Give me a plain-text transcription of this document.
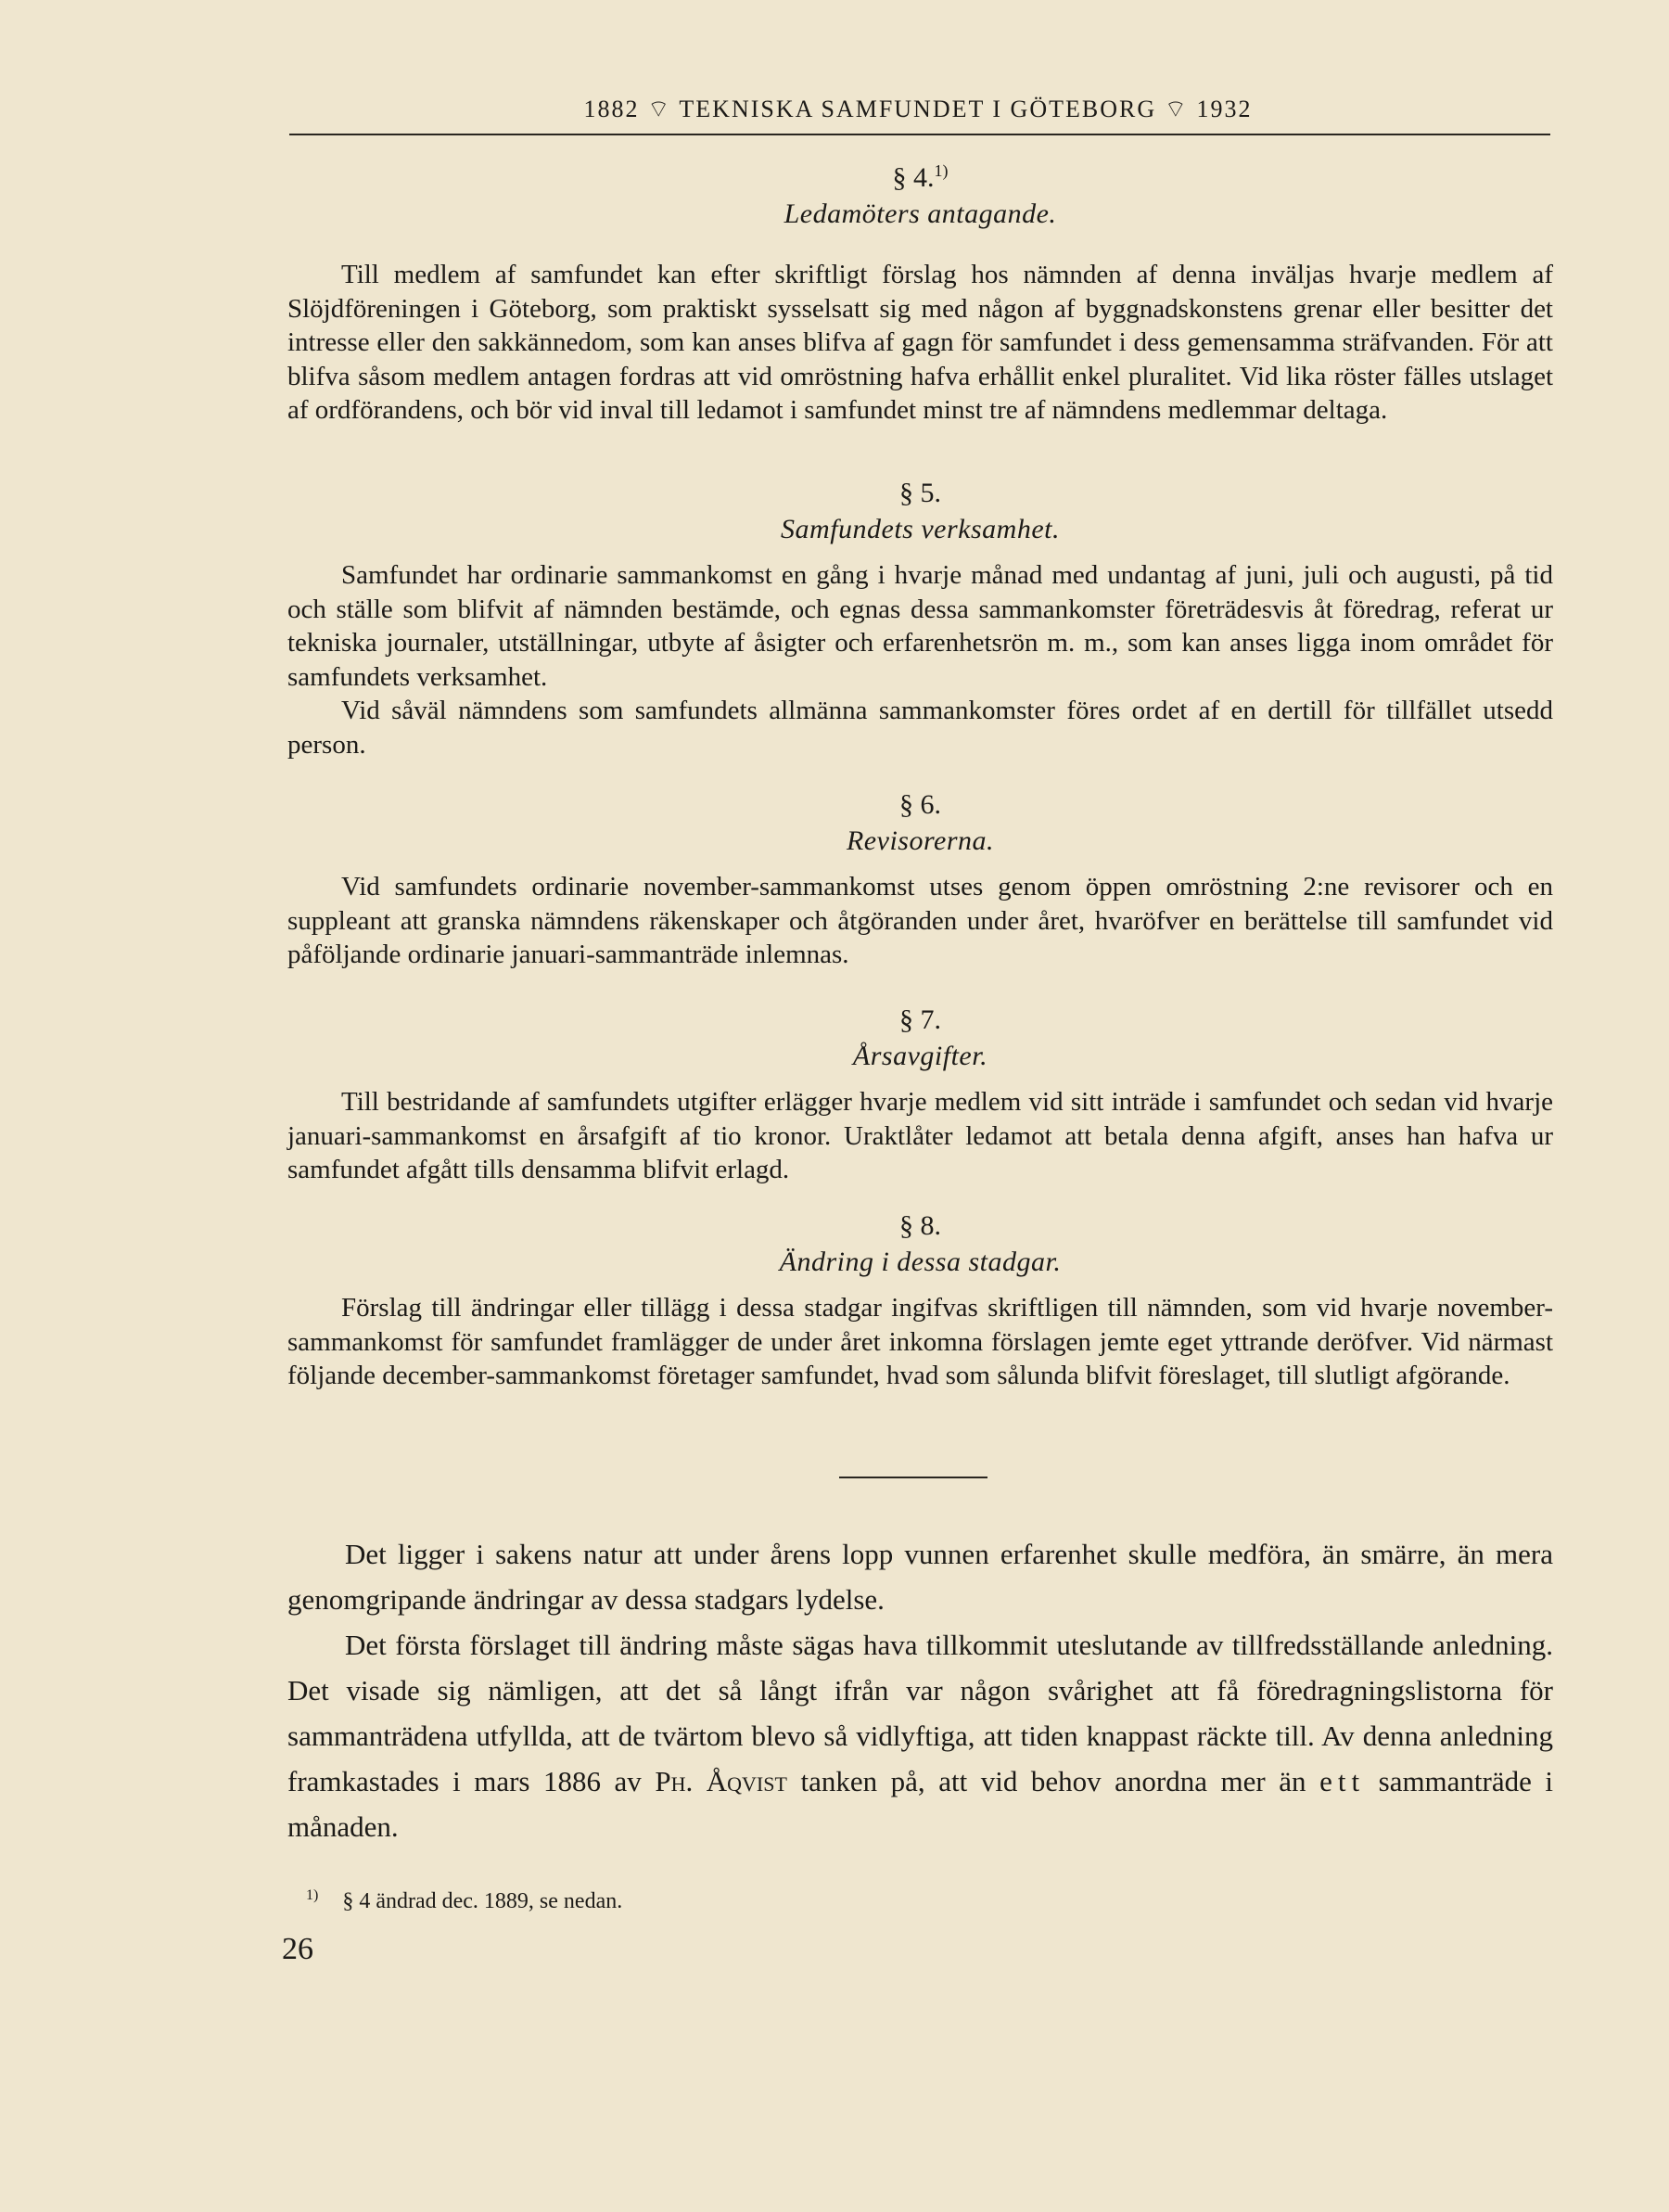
1882 ⌔ TEKNISKA SAMFUNDET I GÖTEBORG ⌔ 1932
§ 4.$^{1)}$
Ledamöters antagande.

Till medlem af samfundet kan efter skriftligt förslag hos nämnden af denna inväljas hvarje medlem af Slöjdföreningen i Göteborg, som praktiskt sysselsatt sig med någon af byggnadskonstens grenar eller besitter det intresse eller den sakkännedom, som kan anses blifva af gagn för samfundet i dess gemensamma sträfvanden. För att blifva såsom medlem antagen fordras att vid omröstning hafva erhållit enkel pluralitet. Vid lika röster fälles utslaget af ordförandens, och bör vid inval till ledamot i samfundet minst tre af nämndens medlemmar deltaga.

§ 5.
Samfundets verksamhet.

Samfundet har ordinarie sammankomst en gång i hvarje månad med undantag af juni, juli och augusti, på tid och ställe som blifvit af nämnden bestämde, och egnas dessa sammankomster företrädesvis åt föredrag, referat ur tekniska journaler, utställningar, utbyte af åsigter och erfarenhetsrön m. m., som kan anses ligga inom området för samfundets verksamhet.

Vid såväl nämndens som samfundets allmänna sammankomster föres ordet af en dertill för tillfället utsedd person.

§ 6.
Revisorerna.

Vid samfundets ordinarie november-sammankomst utses genom öppen omröstning 2:ne revisorer och en suppleant att granska nämndens räkenskaper och åtgöranden under året, hvaröfver en berättelse till samfundet vid påföljande ordinarie januari-sammanträde inlemnas.

§ 7.
Årsavgifter.

Till bestridande af samfundets utgifter erlägger hvarje medlem vid sitt inträde i samfundet och sedan vid hvarje januari-sammankomst en årsafgift af tio kronor. Uraktlåter ledamot att betala denna afgift, anses han hafva ur samfundet afgått tills densamma blifvit erlagd.

§ 8.
Ändring i dessa stadgar.

Förslag till ändringar eller tillägg i dessa stadgar ingifvas skriftligen till nämnden, som vid hvarje november-sammankomst för samfundet framlägger de under året inkomna förslagen jemte eget yttrande deröfver. Vid närmast följande december-sammankomst företager samfundet, hvad som sålunda blifvit föreslaget, till slutligt afgörande.

Det ligger i sakens natur att under årens lopp vunnen erfarenhet skulle medföra, än smärre, än mera genomgripande ändringar av dessa stadgars lydelse.

Det första förslaget till ändring måste sägas hava tillkommit uteslutande av tillfredsställande anledning. Det visade sig nämligen, att det så långt ifrån var någon svårighet att få föredragningslistorna för sammanträdena utfyllda, att de tvärtom blevo så vidlyftiga, att tiden knappast räckte till. Av denna anledning framkastades i mars 1886 av Ph. Åqvist tanken på, att vid behov anordna mer än ett sammanträde i månaden.

$^{1)}$ § 4 ändrad dec. 1889, se nedan.
26
